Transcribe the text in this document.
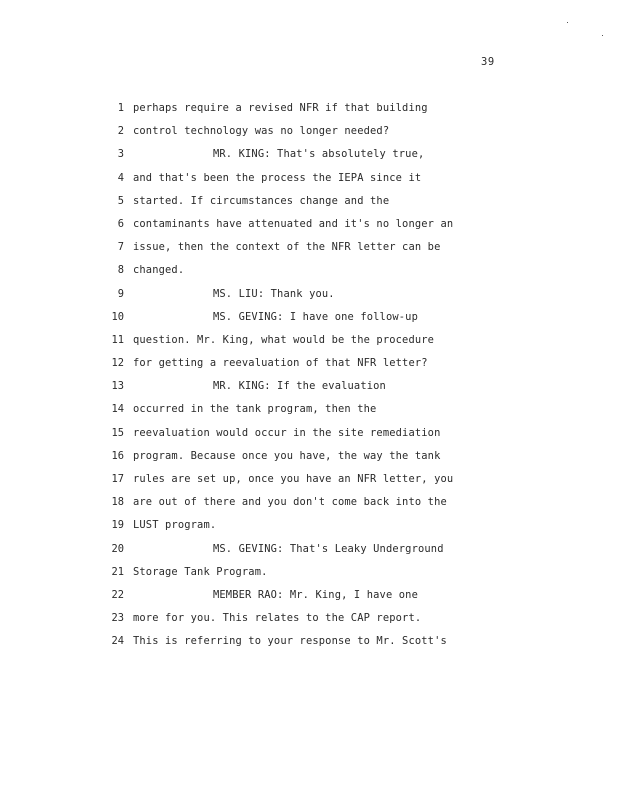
39
1 perhaps require a revised NFR if that building
2 control technology was no longer needed?
3	MR. KING: That's absolutely true,
4 and that's been the process the IEPA since it
5 started. If circumstances change and the
6 contaminants have attenuated and it's no longer an
7 issue, then the context of the NFR letter can be
8 changed.
9	MS. LIU: Thank you.
10	MS. GEVING: I have one follow-up
11 question. Mr. King, what would be the procedure
12 for getting a reevaluation of that NFR letter?
13	MR. KING: If the evaluation
14 occurred in the tank program, then the
15 reevaluation would occur in the site remediation
16 program. Because once you have, the way the tank
17 rules are set up, once you have an NFR letter, you
18 are out of there and you don't come back into the
19 LUST program.
20	MS. GEVING: That's Leaky Underground
21 Storage Tank Program.
22	MEMBER RAO: Mr. King, I have one
23 more for you. This relates to the CAP report.
24 This is referring to your response to Mr. Scott's
